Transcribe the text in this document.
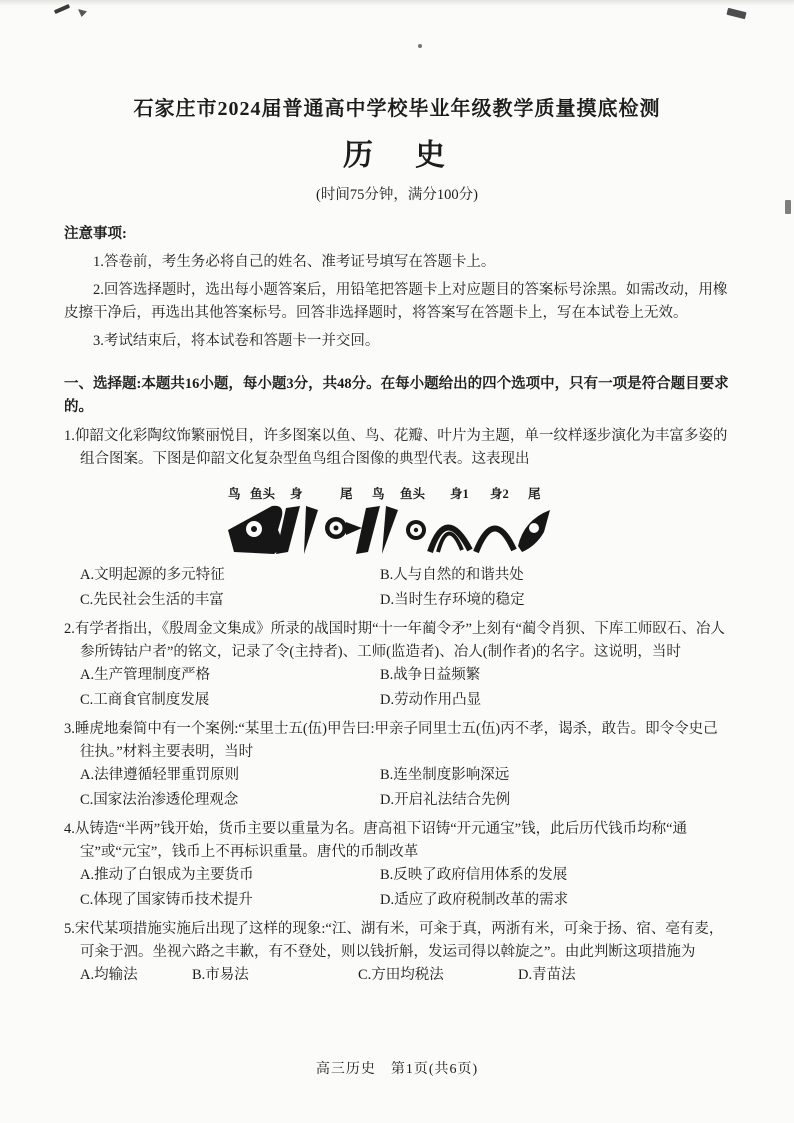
石家庄市2024届普通高中学校毕业年级教学质量摸底检测
历　史
(时间75分钟，满分100分)
注意事项:

1.答卷前，考生务必将自己的姓名、准考证号填写在答题卡上。

2.回答选择题时，选出每小题答案后，用铅笔把答题卡上对应题目的答案标号涂黑。如需改动，用橡皮擦干净后，再选出其他答案标号。回答非选择题时，将答案写在答题卡上，写在本试卷上无效。

3.考试结束后，将本试卷和答题卡一并交回。

一、选择题:本题共16小题，每小题3分，共48分。在每小题给出的四个选项中，只有一项是符合题目要求的。

1.仰韶文化彩陶纹饰繁丽悦目，许多图案以鱼、鸟、花瓣、叶片为主题，单一纹样逐步演化为丰富多姿的组合图案。下图是仰韶文化复杂型鱼鸟组合图像的典型代表。这表现出

鸟 鱼头 身	尾 鸟 鱼头 身1 身2 尾
A.文明起源的多元特征	B.人与自然的和谐共处
C.先民社会生活的丰富	D.当时生存环境的稳定

2.有学者指出，《殷周金文集成》所录的战国时期“十一年蔺令矛”上刻有“蔺令肖狈、下库工师臤石、冶人参所铸钴户者”的铭文，记录了令(主持者)、工师(监造者)、冶人(制作者)的名字。这说明，当时

A.生产管理制度严格	B.战争日益频繁
C.工商食官制度发展	D.劳动作用凸显

3.睡虎地秦简中有一个案例:“某里士五(伍)甲告曰:甲亲子同里士五(伍)丙不孝，谒杀，敢告。即令令史己往执。”材料主要表明，当时

A.法律遵循轻罪重罚原则	B.连坐制度影响深远
C.国家法治渗透伦理观念	D.开启礼法结合先例

4.从铸造“半两”钱开始，货币主要以重量为名。唐高祖下诏铸“开元通宝”钱，此后历代钱币均称“通宝”或“元宝”，钱币上不再标识重量。唐代的币制改革

A.推动了白银成为主要货币	B.反映了政府信用体系的发展
C.体现了国家铸币技术提升	D.适应了政府税制改革的需求

5.宋代某项措施实施后出现了这样的现象:“江、湖有米，可籴于真，两浙有米，可籴于扬、宿、亳有麦，可籴于泗。坐视六路之丰歉，有不登处，则以钱折斛，发运司得以斡旋之”。由此判断这项措施为

A.均输法	B.市易法	C.方田均税法	D.青苗法
高三历史　第1页(共6页)
